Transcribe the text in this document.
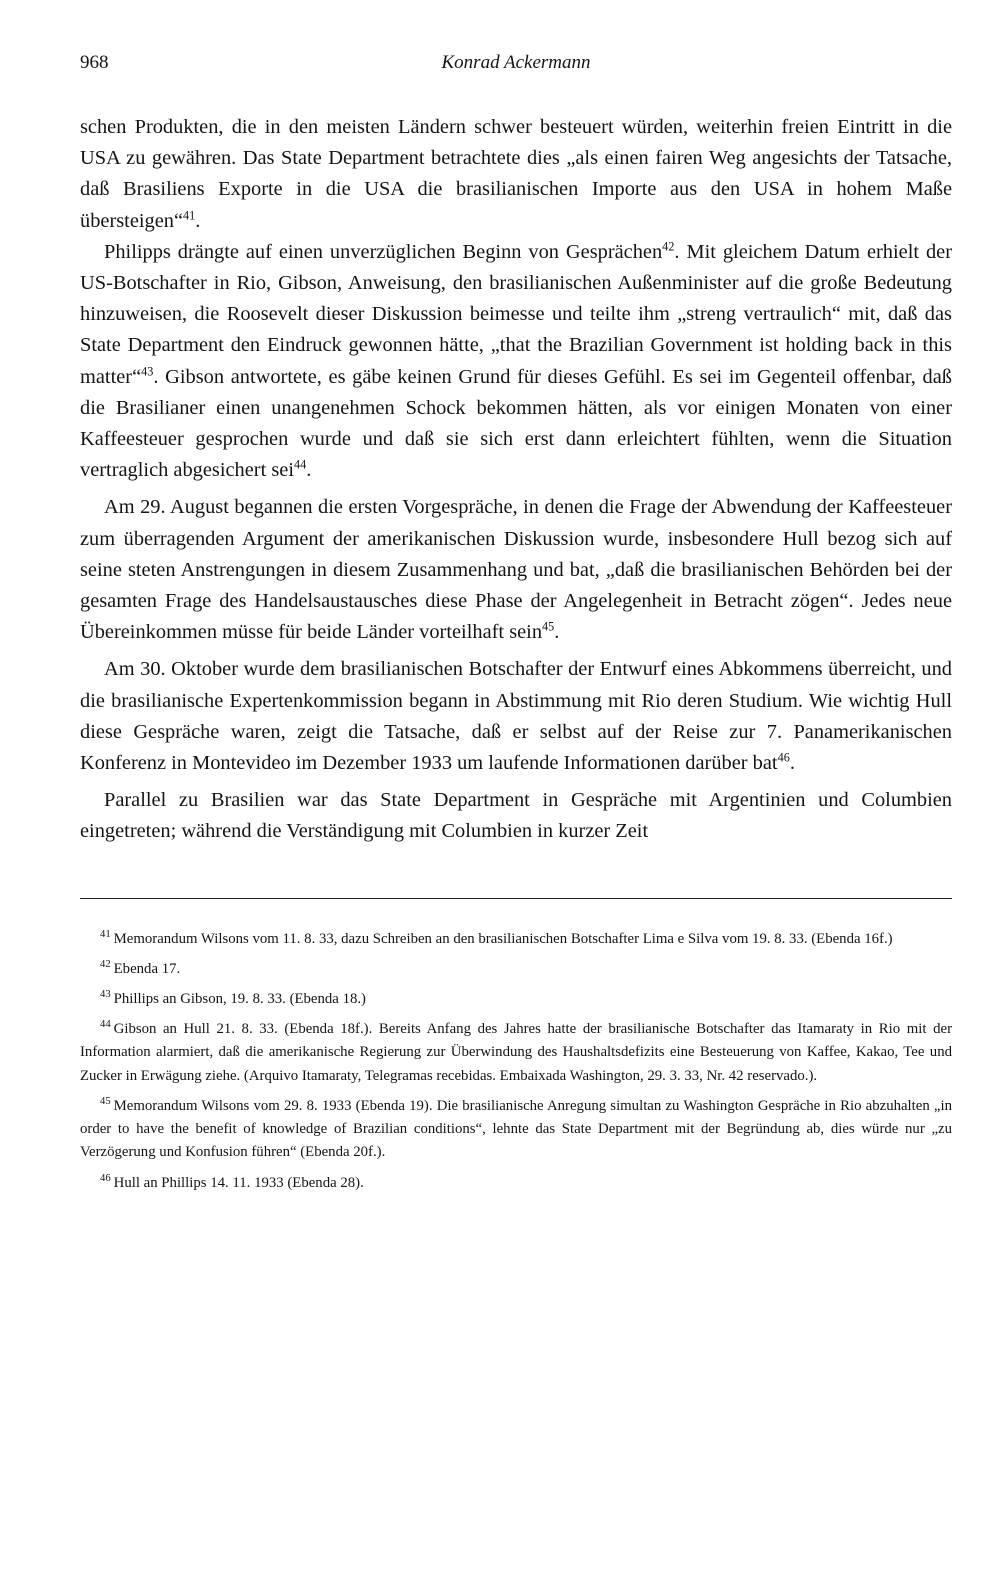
968	Konrad Ackermann

schen Produkten, die in den meisten Ländern schwer besteuert würden, weiterhin freien Eintritt in die USA zu gewähren. Das State Department betrachtete dies „als einen fairen Weg angesichts der Tatsache, daß Brasiliens Exporte in die USA die brasilianischen Importe aus den USA in hohem Maße übersteigen“$^{41}$.

Philipps drängte auf einen unverzüglichen Beginn von Gesprächen$^{42}$. Mit gleichem Datum erhielt der US-Botschafter in Rio, Gibson, Anweisung, den brasilianischen Außenminister auf die große Bedeutung hinzuweisen, die Roosevelt dieser Diskussion beimesse und teilte ihm „streng vertraulich“ mit, daß das State Department den Eindruck gewonnen hätte, „that the Brazilian Government ist holding back in this matter“$^{43}$. Gibson antwortete, es gäbe keinen Grund für dieses Gefühl. Es sei im Gegenteil offenbar, daß die Brasilianer einen unangenehmen Schock bekommen hätten, als vor einigen Monaten von einer Kaffeesteuer gesprochen wurde und daß sie sich erst dann erleichtert fühlten, wenn die Situation vertraglich abgesichert sei$^{44}$.

Am 29. August begannen die ersten Vorgespräche, in denen die Frage der Abwendung der Kaffeesteuer zum überragenden Argument der amerikanischen Diskussion wurde, insbesondere Hull bezog sich auf seine steten Anstrengungen in diesem Zusammenhang und bat, „daß die brasilianischen Behörden bei der gesamten Frage des Handelsaustausches diese Phase der Angelegenheit in Betracht zögen“. Jedes neue Übereinkommen müsse für beide Länder vorteilhaft sein$^{45}$.

Am 30. Oktober wurde dem brasilianischen Botschafter der Entwurf eines Abkommens überreicht, und die brasilianische Expertenkommission begann in Abstimmung mit Rio deren Studium. Wie wichtig Hull diese Gespräche waren, zeigt die Tatsache, daß er selbst auf der Reise zur 7. Panamerikanischen Konferenz in Montevideo im Dezember 1933 um laufende Informationen darüber bat$^{46}$.

Parallel zu Brasilien war das State Department in Gespräche mit Argentinien und Columbien eingetreten; während die Verständigung mit Columbien in kurzer Zeit

$^{41}$ Memorandum Wilsons vom 11. 8. 33, dazu Schreiben an den brasilianischen Botschafter Lima e Silva vom 19. 8. 33. (Ebenda 16f.)

$^{42}$ Ebenda 17.

$^{43}$ Phillips an Gibson, 19. 8. 33. (Ebenda 18.)

$^{44}$ Gibson an Hull 21. 8. 33. (Ebenda 18f.). Bereits Anfang des Jahres hatte der brasilianische Botschafter das Itamaraty in Rio mit der Information alarmiert, daß die amerikanische Regierung zur Überwindung des Haushaltsdefizits eine Besteuerung von Kaffee, Kakao, Tee und Zucker in Erwägung ziehe. (Arquivo Itamaraty, Telegramas recebidas. Embaixada Washington, 29. 3. 33, Nr. 42 reservado.).

$^{45}$ Memorandum Wilsons vom 29. 8. 1933 (Ebenda 19). Die brasilianische Anregung simultan zu Washington Gespräche in Rio abzuhalten „in order to have the benefit of knowledge of Brazilian conditions“, lehnte das State Department mit der Begründung ab, dies würde nur „zu Verzögerung und Konfusion führen“ (Ebenda 20f.).

$^{46}$ Hull an Phillips 14. 11. 1933 (Ebenda 28).
